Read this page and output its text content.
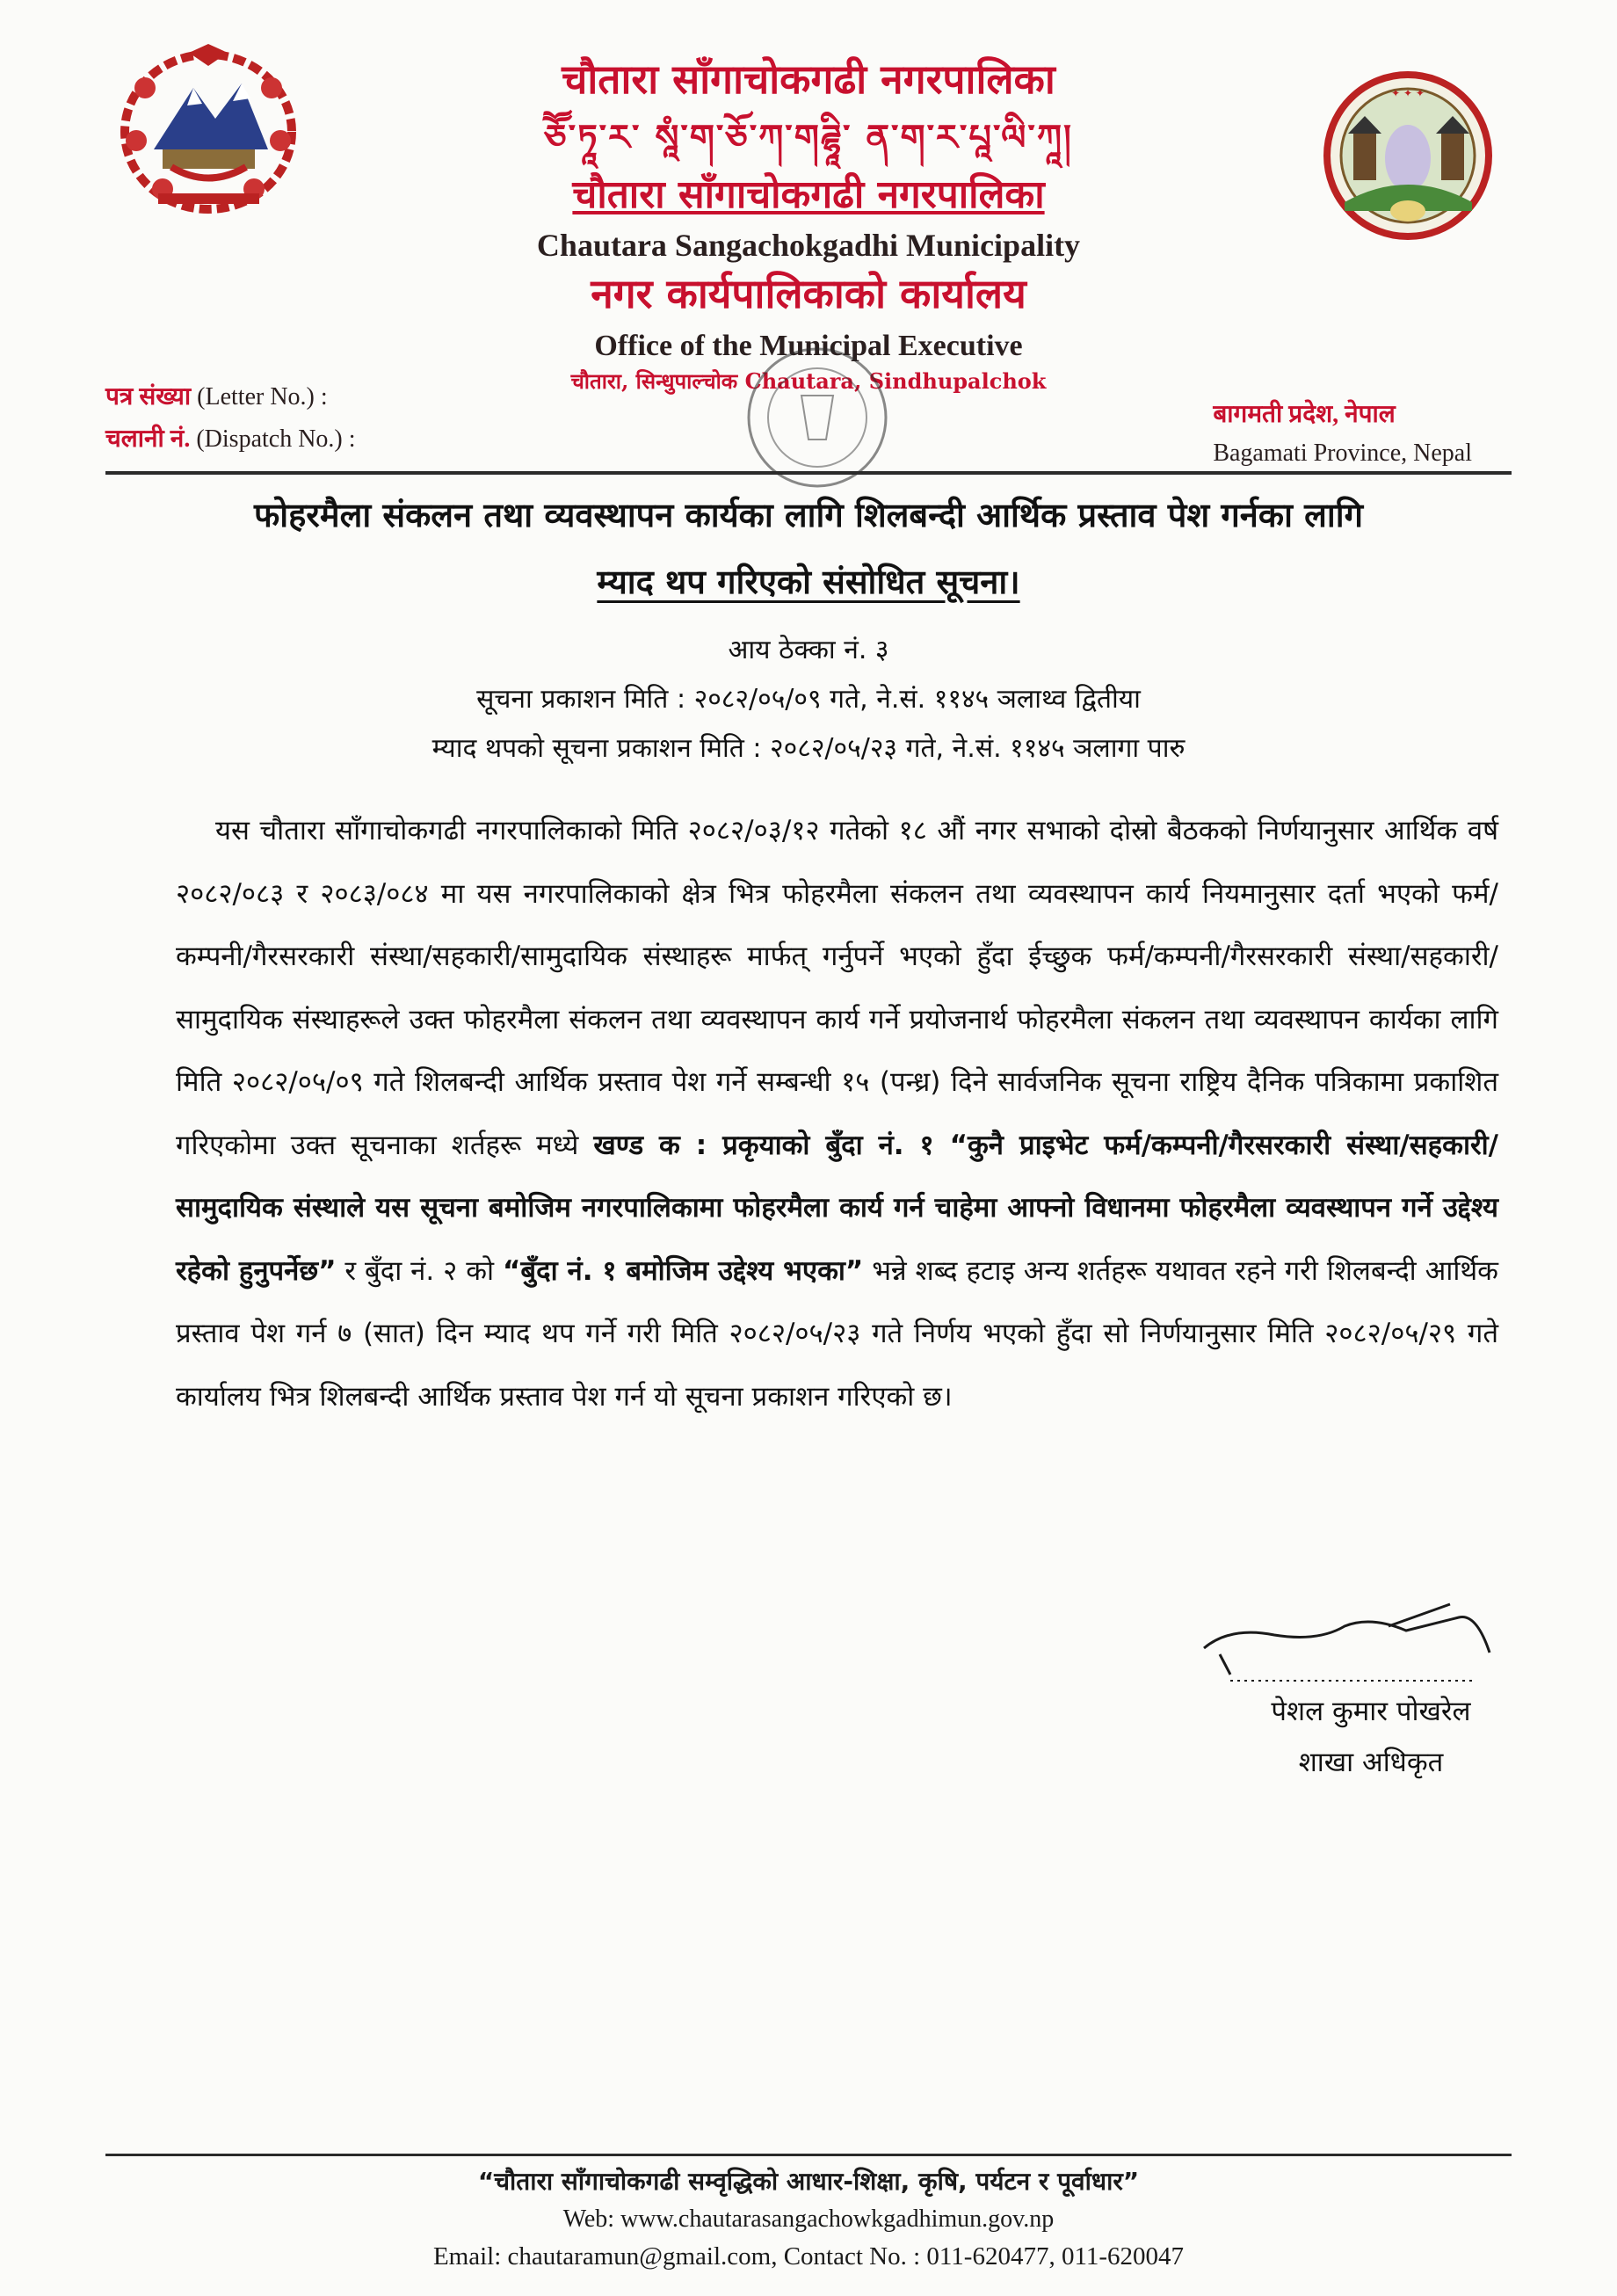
चौतारा साँगाचोकगढी नगरपालिका
ཅཽ་ཏཱ་ར་ སཱཾ་ག་ཅོ་ཀ་གཌྷཱི་ ན་ག་ར་པཱ་ལི་ཀཱ།
चौतारा साँगाचोकगढी नगरपालिका
Chautara Sangachokgadhi Municipality
नगर कार्यपालिकाको कार्यालय
Office of the Municipal Executive
चौतारा, सिन्धुपाल्चोक Chautara, Sindhupalchok
✦ ✦ ✦
पत्र संख्या (Letter No.) :
चलानी नं. (Dispatch No.) :
बागमती प्रदेश, नेपाल
Bagamati Province, Nepal
फोहरमैला संकलन तथा व्यवस्थापन कार्यका लागि शिलबन्दी आर्थिक प्रस्ताव पेश गर्नका लागि
म्याद थप गरिएको संसोधित सूचना।
आय ठेक्का नं. ३
सूचना प्रकाशन मिति : २०८२/०५/०९ गते, ने.सं. ११४५ ञलाथ्व द्वितीया
म्याद थपको सूचना प्रकाशन मिति : २०८२/०५/२३ गते, ने.सं. ११४५ ञलागा पारु
यस चौतारा साँगाचोकगढी नगरपालिकाको मिति २०८२/०३/१२ गतेको १८ औं नगर सभाको दोस्रो बैठकको निर्णयानुसार आर्थिक वर्ष २०८२/०८३ र २०८३/०८४ मा यस नगरपालिकाको क्षेत्र भित्र फोहरमैला संकलन तथा व्यवस्थापन कार्य नियमानुसार दर्ता भएको फर्म/कम्पनी/गैरसरकारी संस्था/सहकारी/सामुदायिक संस्थाहरू मार्फत् गर्नुपर्ने भएको हुँदा ईच्छुक फर्म/कम्पनी/गैरसरकारी संस्था/सहकारी/सामुदायिक संस्थाहरूले उक्त फोहरमैला संकलन तथा व्यवस्थापन कार्य गर्ने प्रयोजनार्थ फोहरमैला संकलन तथा व्यवस्थापन कार्यका लागि मिति २०८२/०५/०९ गते शिलबन्दी आर्थिक प्रस्ताव पेश गर्ने सम्बन्धी १५ (पन्ध्र) दिने सार्वजनिक सूचना राष्ट्रिय दैनिक पत्रिकामा प्रकाशित गरिएकोमा उक्त सूचनाका शर्तहरू मध्ये खण्ड क : प्रकृयाको बुँदा नं. १ “कुनै प्राइभेट फर्म/कम्पनी/गैरसरकारी संस्था/सहकारी/सामुदायिक संस्थाले यस सूचना बमोजिम नगरपालिकामा फोहरमैला कार्य गर्न चाहेमा आफ्नो विधानमा फोहरमैला व्यवस्थापन गर्ने उद्देश्य रहेको हुनुपर्नेछ” र बुँदा नं. २ को “बुँदा नं. १ बमोजिम उद्देश्य भएका” भन्ने शब्द हटाइ अन्य शर्तहरू यथावत रहने गरी शिलबन्दी आर्थिक प्रस्ताव पेश गर्न ७ (सात) दिन म्याद थप गर्ने गरी मिति २०८२/०५/२३ गते निर्णय भएको हुँदा सो निर्णयानुसार मिति २०८२/०५/२९ गते कार्यालय भित्र शिलबन्दी आर्थिक प्रस्ताव पेश गर्न यो सूचना प्रकाशन गरिएको छ।
पेशल कुमार पोखरेल
शाखा अधिकृत
“चौतारा साँगाचोकगढी सम्वृद्धिको आधार-शिक्षा, कृषि, पर्यटन र पूर्वाधार”
Web: www.chautarasangachowkgadhimun.gov.np
Email: chautaramun@gmail.com, Contact No. : 011-620477, 011-620047
